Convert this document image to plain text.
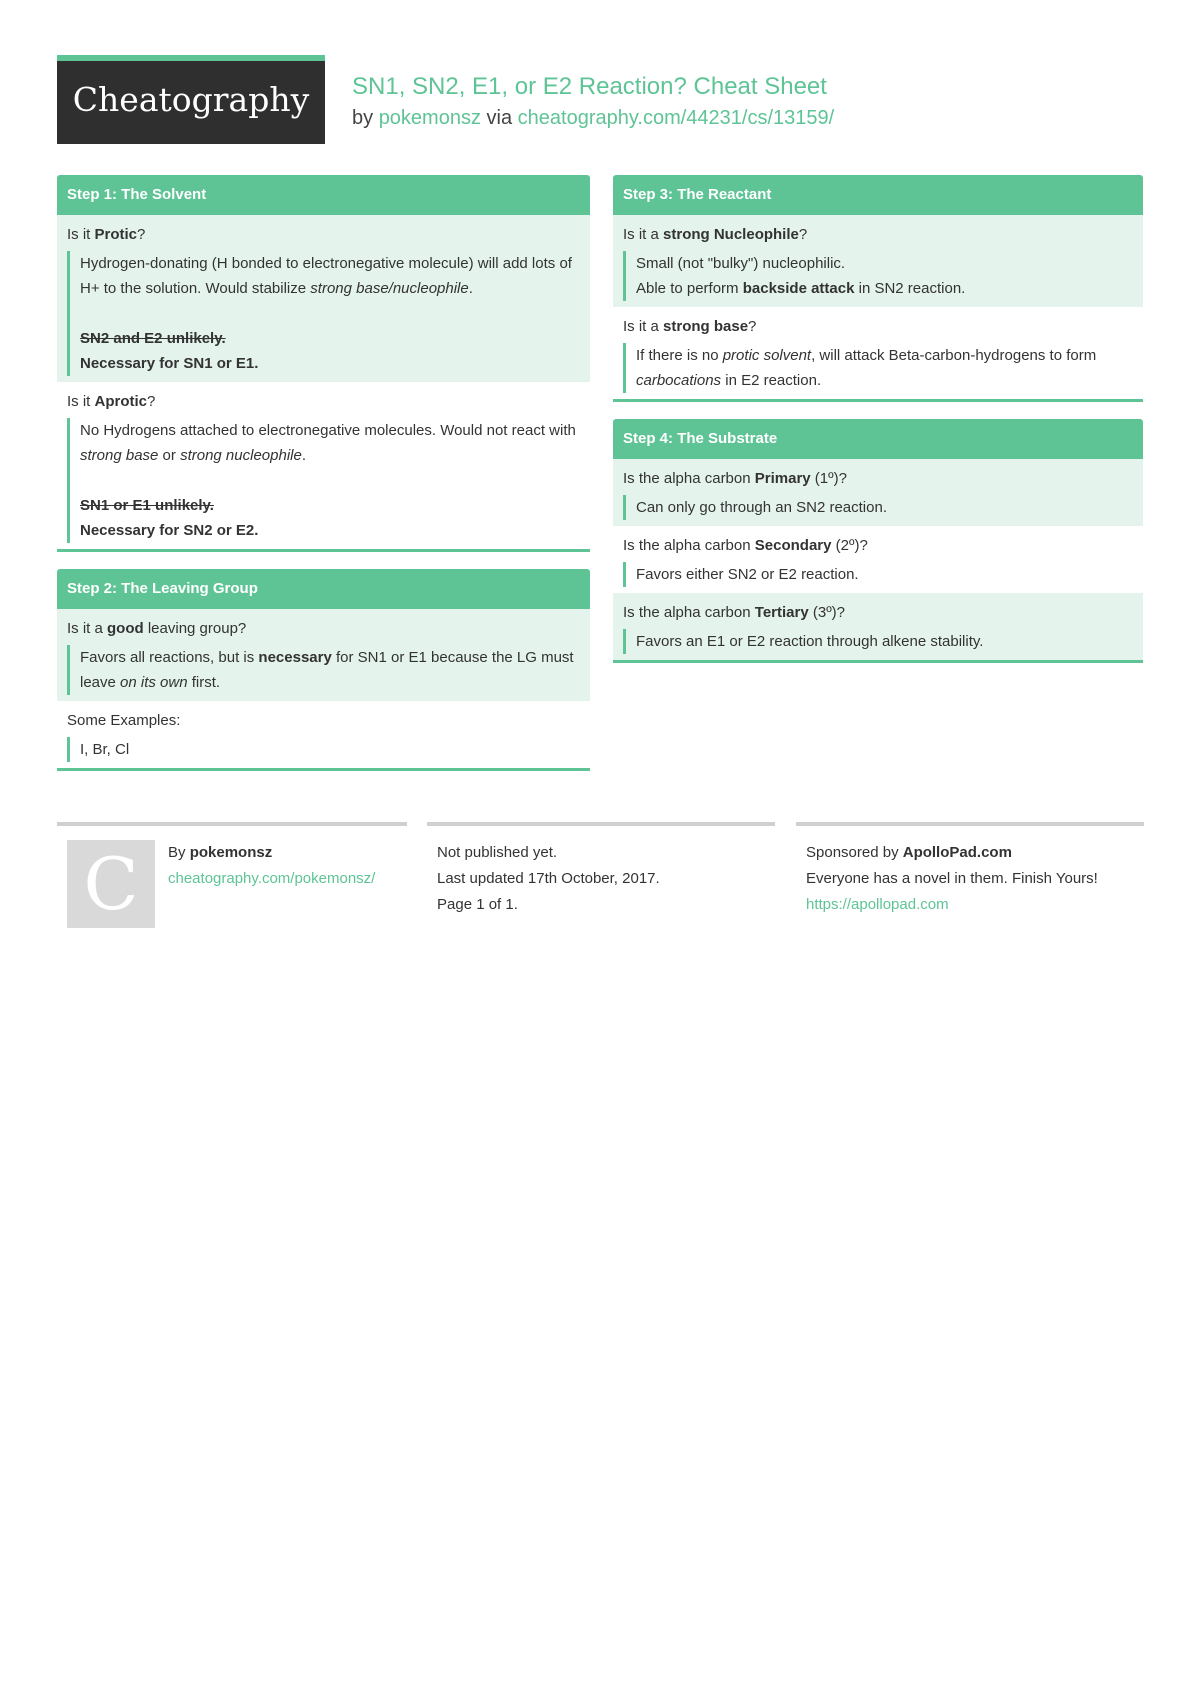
Cheatography	SN1, SN2, E1, or E2 Reaction? Cheat Sheet
by pokemonsz via cheatography.com/44231/cs/13159/
Step 1: The Solvent
Is it Protic?
Hydrogen-donating (H bonded to electronegative molecule) will add lots of H+ to the solution. Would stabilize strong base/nucleophile.
SN2 and E2 unlikely.
Necessary for SN1 or E1.
Is it Aprotic?
No Hydrogens attached to electronegative molecules. Would not react with strong base or strong nucleophile.
SN1 or E1 unlikely.
Necessary for SN2 or E2.
Step 2: The Leaving Group
Is it a good leaving group?
Favors all reactions, but is necessary for SN1 or E1 because the LG must leave on its own first.
Some Examples:
I, Br, Cl
Step 3: The Reactant
Is it a strong Nucleophile?
Small (not "bulky") nucleophilic.
Able to perform backside attack in SN2 reaction.
Is it a strong base?
If there is no protic solvent, will attack Beta-carbon-hydrogens to form carbocations in E2 reaction.
Step 4: The Substrate
Is the alpha carbon Primary (1º)?
Can only go through an SN2 reaction.
Is the alpha carbon Secondary (2º)?
Favors either SN2 or E2 reaction.
Is the alpha carbon Tertiary (3º)?
Favors an E1 or E2 reaction through alkene stability.
C	By pokemonsz
cheatography.com/pokemonsz/
Not published yet.
Last updated 17th October, 2017.
Page 1 of 1.
Sponsored by ApolloPad.com
Everyone has a novel in them. Finish Yours!
https://apollopad.com
